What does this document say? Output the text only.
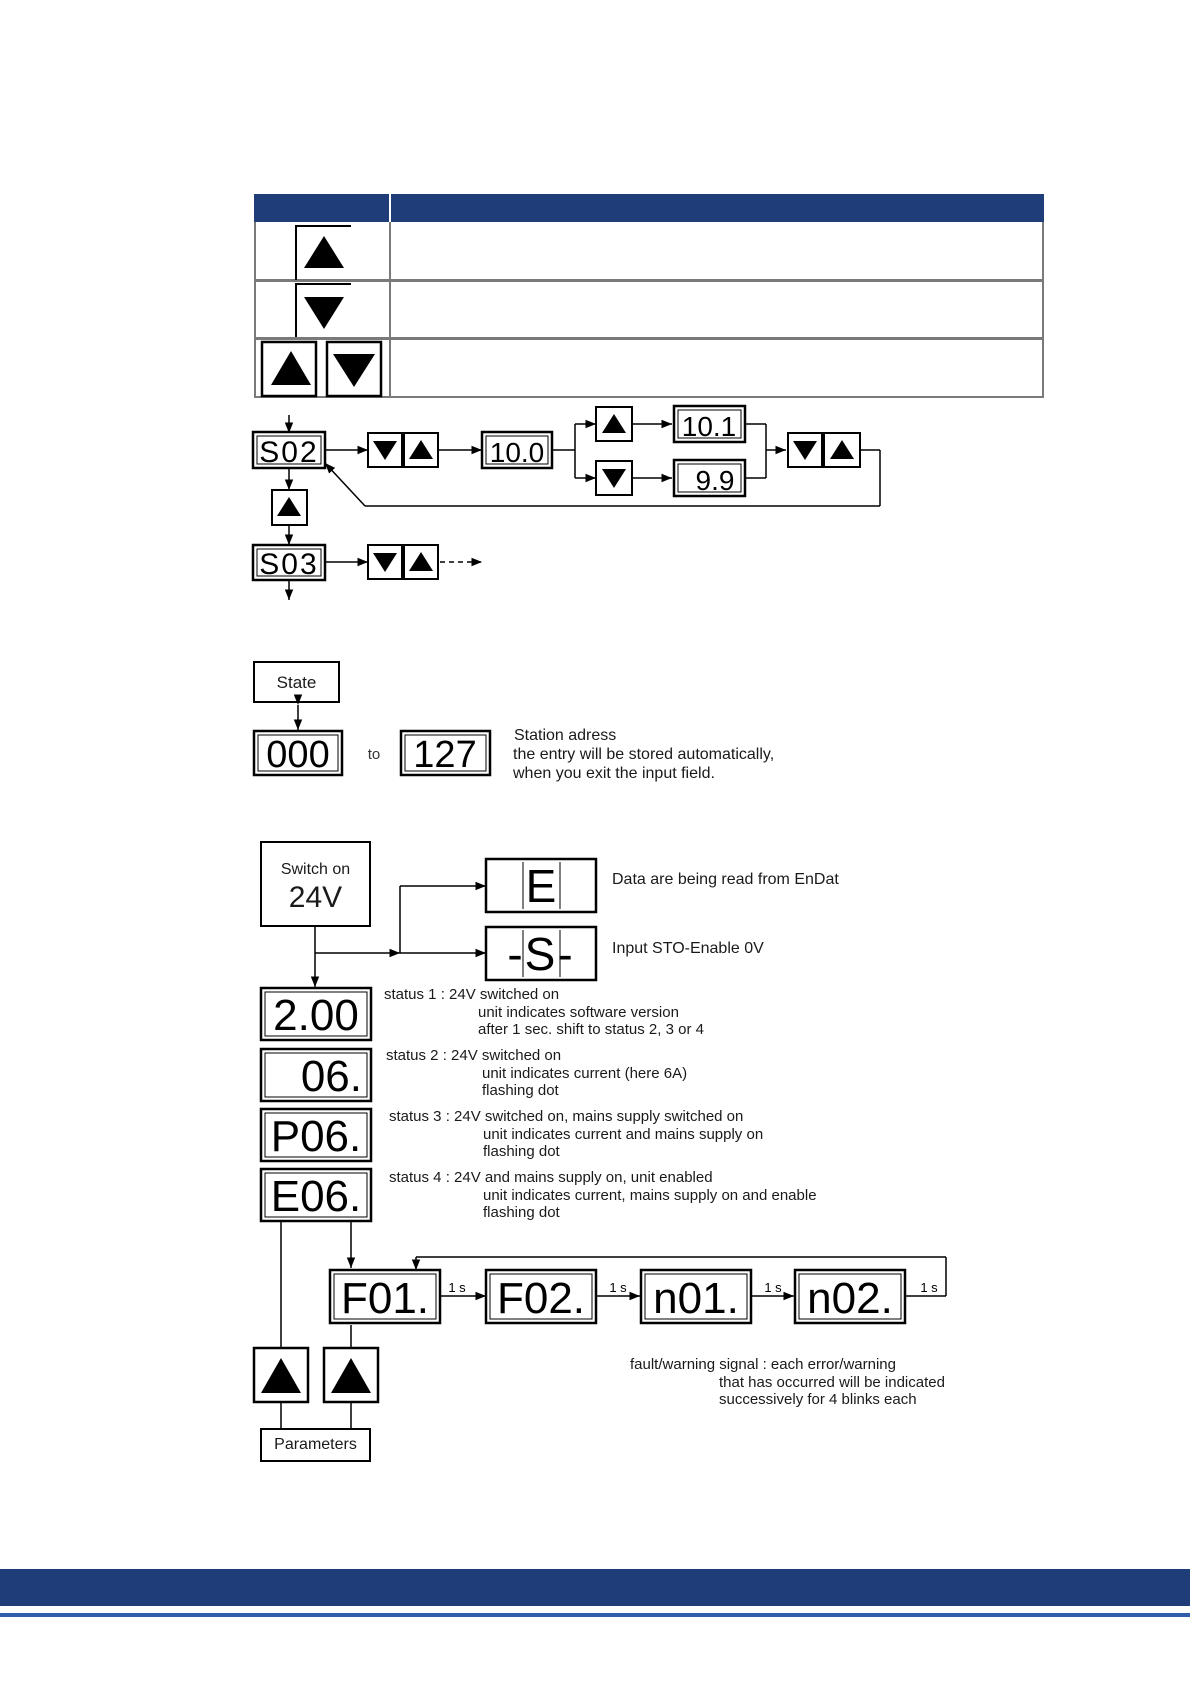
S02	10.0
10.1
9.9
S03
State
000	to 127 Station adress
the entry will be stored automatically,
when you exit the input field.
Switch on
24V	E
-S-
2.00
06.
P06.
E06.
F01. F02. n01. n02.
1 s	1 s	1 s	1 s
Data are being read from EnDat
Input STO-Enable 0V
status 1 : 24V switched on
unit indicates software version
after 1 sec. shift to status 2, 3 or 4
status 2 : 24V switched on
unit indicates current (here 6A)
flashing dot
status 3 : 24V switched on, mains supply switched on
unit indicates current and mains supply on
flashing dot
status 4 : 24V and mains supply on, unit enabled
unit indicates current, mains supply on and enable
flashing dot
fault/warning signal : each error/warning
that has occurred will be indicated
successively for 4 blinks each
Parameters
